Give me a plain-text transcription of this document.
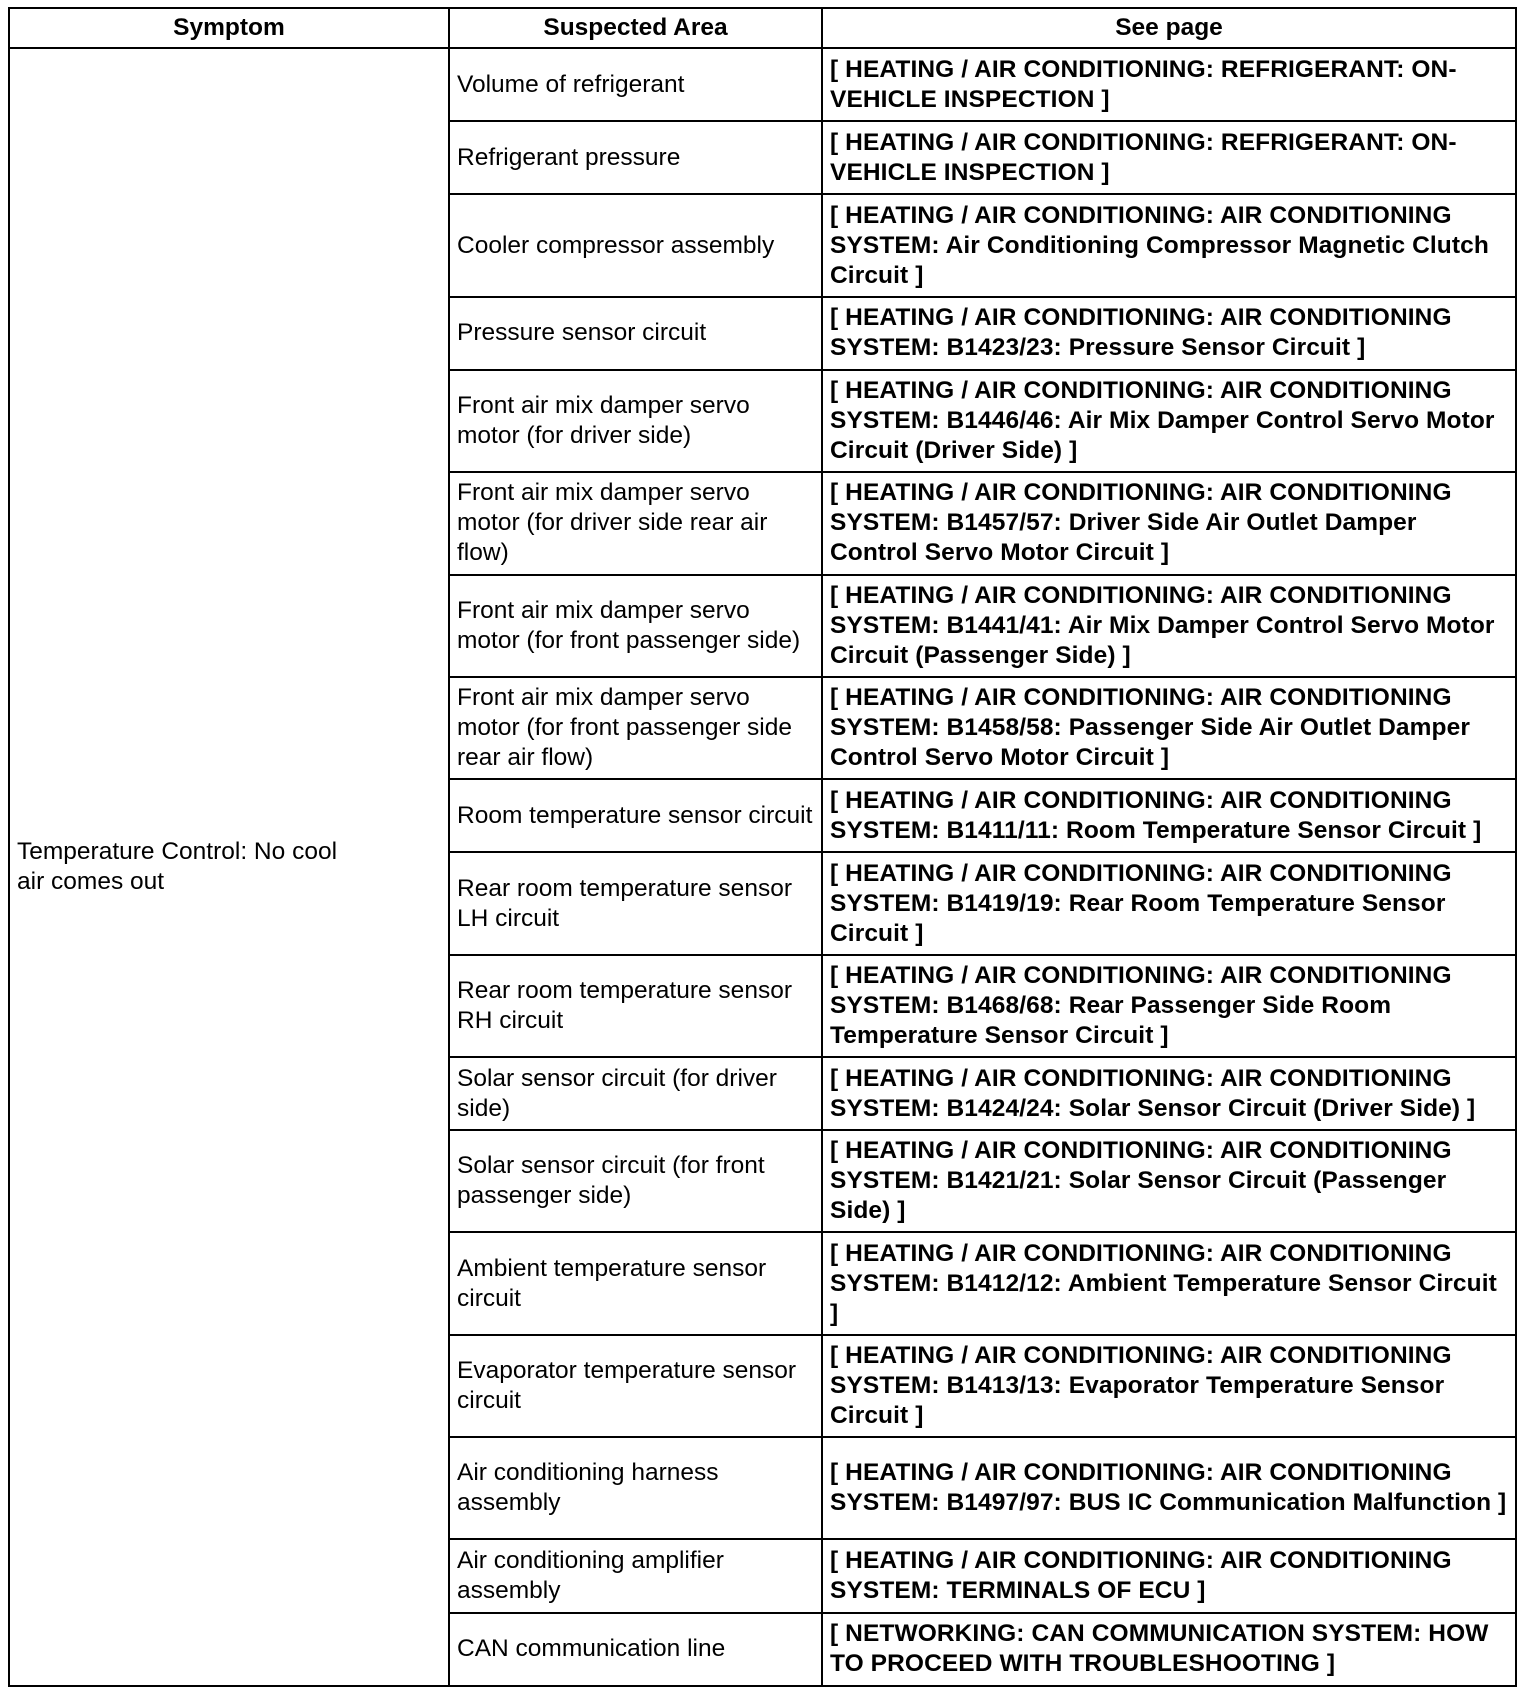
Symptom	Suspected Area	See page
Temperature Control: No cool air comes out	Volume of refrigerant	[ HEATING / AIR CONDITIONING: REFRIGERANT: ON-VEHICLE INSPECTION ]
	Refrigerant pressure	[ HEATING / AIR CONDITIONING: REFRIGERANT: ON-VEHICLE INSPECTION ]
	Cooler compressor assembly	[ HEATING / AIR CONDITIONING: AIR CONDITIONING SYSTEM: Air Conditioning Compressor Magnetic Clutch Circuit ]
	Pressure sensor circuit	[ HEATING / AIR CONDITIONING: AIR CONDITIONING SYSTEM: B1423/23: Pressure Sensor Circuit ]
	Front air mix damper servo motor (for driver side)	[ HEATING / AIR CONDITIONING: AIR CONDITIONING SYSTEM: B1446/46: Air Mix Damper Control Servo Motor Circuit (Driver Side) ]
	Front air mix damper servo motor (for driver side rear air flow)	[ HEATING / AIR CONDITIONING: AIR CONDITIONING SYSTEM: B1457/57: Driver Side Air Outlet Damper Control Servo Motor Circuit ]
	Front air mix damper servo motor (for front passenger side)	[ HEATING / AIR CONDITIONING: AIR CONDITIONING SYSTEM: B1441/41: Air Mix Damper Control Servo Motor Circuit (Passenger Side) ]
	Front air mix damper servo motor (for front passenger side rear air flow)	[ HEATING / AIR CONDITIONING: AIR CONDITIONING SYSTEM: B1458/58: Passenger Side Air Outlet Damper Control Servo Motor Circuit ]
	Room temperature sensor circuit	[ HEATING / AIR CONDITIONING: AIR CONDITIONING SYSTEM: B1411/11: Room Temperature Sensor Circuit ]
	Rear room temperature sensor LH circuit	[ HEATING / AIR CONDITIONING: AIR CONDITIONING SYSTEM: B1419/19: Rear Room Temperature Sensor Circuit ]
	Rear room temperature sensor RH circuit	[ HEATING / AIR CONDITIONING: AIR CONDITIONING SYSTEM: B1468/68: Rear Passenger Side Room Temperature Sensor Circuit ]
	Solar sensor circuit (for driver side)	[ HEATING / AIR CONDITIONING: AIR CONDITIONING SYSTEM: B1424/24: Solar Sensor Circuit (Driver Side) ]
	Solar sensor circuit (for front passenger side)	[ HEATING / AIR CONDITIONING: AIR CONDITIONING SYSTEM: B1421/21: Solar Sensor Circuit (Passenger Side) ]
	Ambient temperature sensor circuit	[ HEATING / AIR CONDITIONING: AIR CONDITIONING SYSTEM: B1412/12: Ambient Temperature Sensor Circuit ]
	Evaporator temperature sensor circuit	[ HEATING / AIR CONDITIONING: AIR CONDITIONING SYSTEM: B1413/13: Evaporator Temperature Sensor Circuit ]
	Air conditioning harness assembly	[ HEATING / AIR CONDITIONING: AIR CONDITIONING SYSTEM: B1497/97: BUS IC Communication Malfunction ]
	Air conditioning amplifier assembly	[ HEATING / AIR CONDITIONING: AIR CONDITIONING SYSTEM: TERMINALS OF ECU ]
	CAN communication line	[ NETWORKING: CAN COMMUNICATION SYSTEM: HOW TO PROCEED WITH TROUBLESHOOTING ]
